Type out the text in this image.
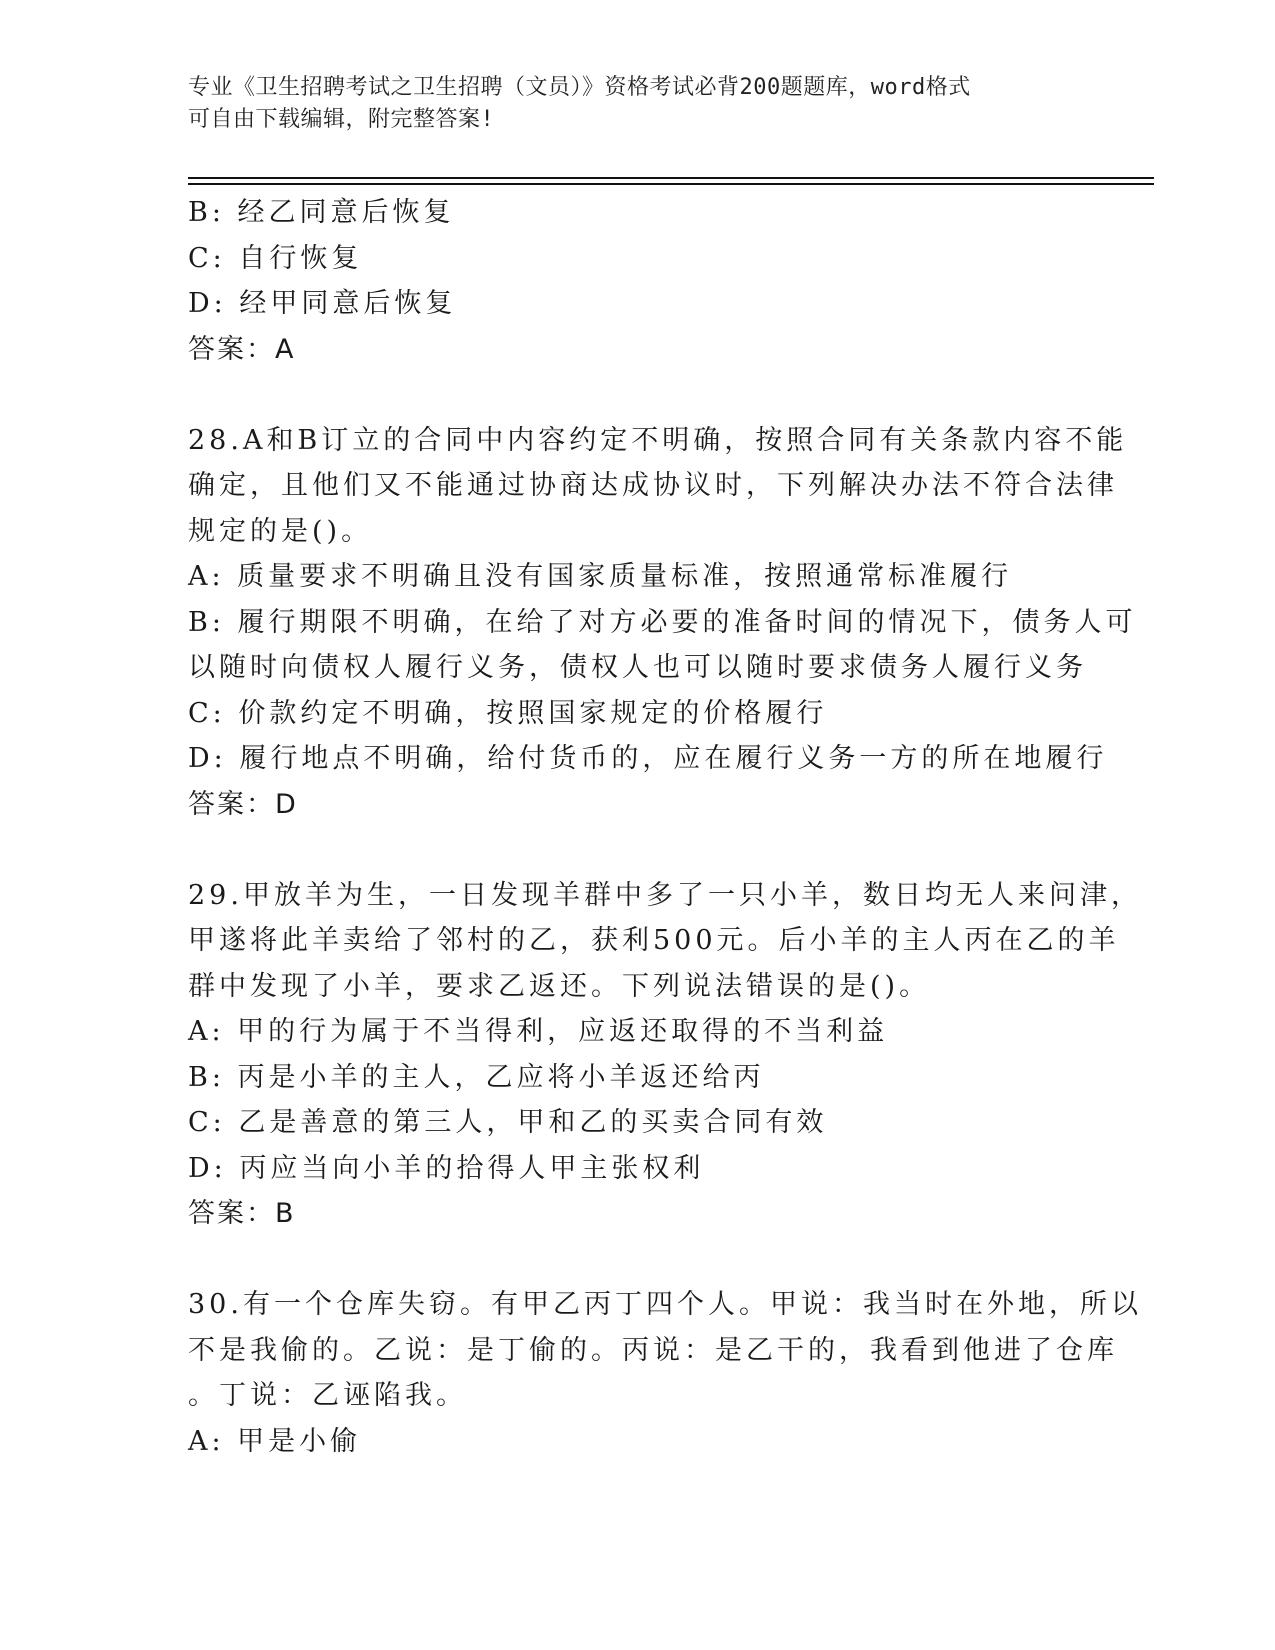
专业《卫生招聘考试之卫生招聘（文员）》资格考试必背200题题库，word格式
可自由下载编辑，附完整答案!
B: 经乙同意后恢复
C: 自行恢复
D: 经甲同意后恢复
答案：A
28.A和B订立的合同中内容约定不明确，按照合同有关条款内容不能
确定，且他们又不能通过协商达成协议时，下列解决办法不符合法律
规定的是()。
A: 质量要求不明确且没有国家质量标准，按照通常标准履行
B: 履行期限不明确，在给了对方必要的准备时间的情况下，债务人可
以随时向债权人履行义务，债权人也可以随时要求债务人履行义务
C: 价款约定不明确，按照国家规定的价格履行
D: 履行地点不明确，给付货币的，应在履行义务一方的所在地履行
答案：D
29.甲放羊为生，一日发现羊群中多了一只小羊，数日均无人来问津，
甲遂将此羊卖给了邻村的乙，获利500元。后小羊的主人丙在乙的羊
群中发现了小羊，要求乙返还。下列说法错误的是()。
A: 甲的行为属于不当得利，应返还取得的不当利益
B: 丙是小羊的主人，乙应将小羊返还给丙
C: 乙是善意的第三人，甲和乙的买卖合同有效
D: 丙应当向小羊的拾得人甲主张权利
答案：B
30.有一个仓库失窃。有甲乙丙丁四个人。甲说：我当时在外地，所以
不是我偷的。乙说：是丁偷的。丙说：是乙干的，我看到他进了仓库
。丁说：乙诬陷我。
A: 甲是小偷
